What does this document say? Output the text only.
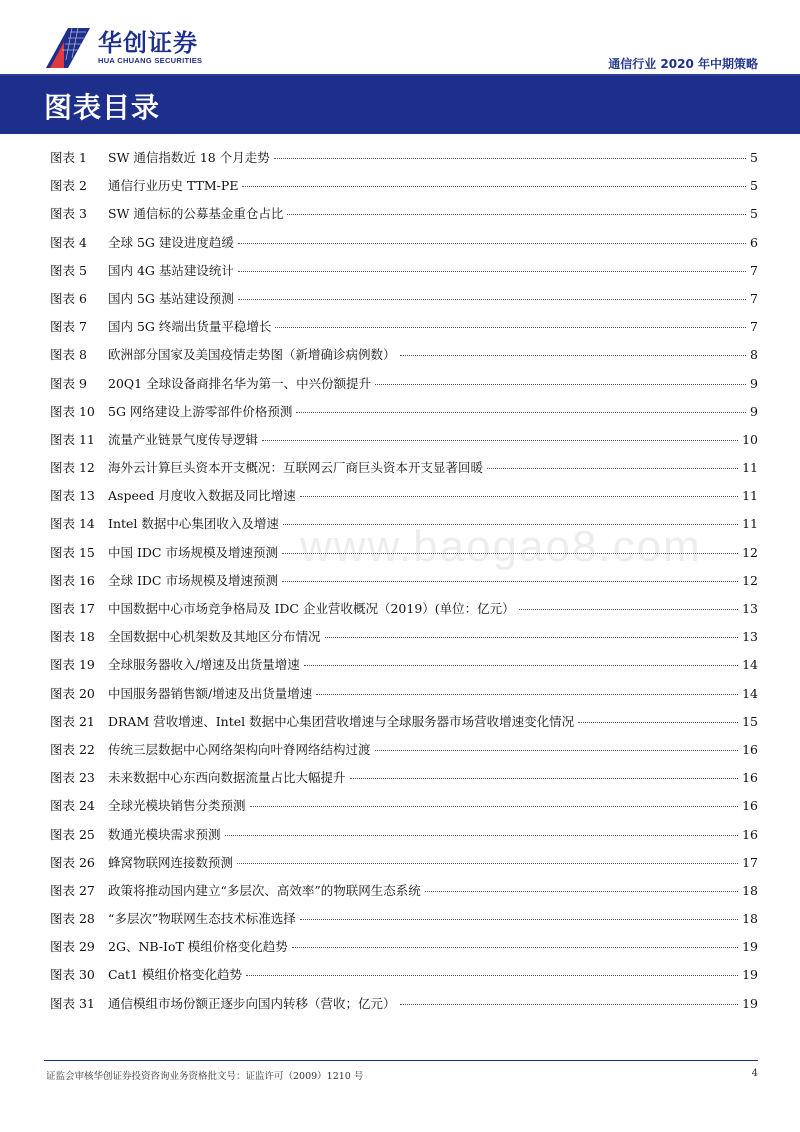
华创证券
HUA CHUANG SECURITIES	通信行业 2020 年中期策略
图表目录
www.baogao8.com
图表 1	SW 通信指数近 18 个月走势	5
图表 2	通信行业历史 TTM-PE	5
图表 3	SW 通信标的公募基金重仓占比	5
图表 4	全球 5G 建设进度趋缓	6
图表 5	国内 4G 基站建设统计	7
图表 6	国内 5G 基站建设预测	7
图表 7	国内 5G 终端出货量平稳增长	7
图表 8	欧洲部分国家及美国疫情走势图（新增确诊病例数）	8
图表 9	20Q1 全球设备商排名华为第一、中兴份额提升	9
图表 10	5G 网络建设上游零部件价格预测	9
图表 11	流量产业链景气度传导逻辑	10
图表 12	海外云计算巨头资本开支概况：互联网云厂商巨头资本开支显著回暖	11
图表 13	Aspeed 月度收入数据及同比增速	11
图表 14	Intel 数据中心集团收入及增速	11
图表 15	中国 IDC 市场规模及增速预测	12
图表 16	全球 IDC 市场规模及增速预测	12
图表 17	中国数据中心市场竞争格局及 IDC 企业营收概况（2019）(单位：亿元）	13
图表 18	全国数据中心机架数及其地区分布情况	13
图表 19	全球服务器收入/增速及出货量增速	14
图表 20	中国服务器销售额/增速及出货量增速	14
图表 21	DRAM 营收增速、Intel 数据中心集团营收增速与全球服务器市场营收增速变化情况	15
图表 22	传统三层数据中心网络架构向叶脊网络结构过渡	16
图表 23	未来数据中心东西向数据流量占比大幅提升	16
图表 24	全球光模块销售分类预测	16
图表 25	数通光模块需求预测	16
图表 26	蜂窝物联网连接数预测	17
图表 27	政策将推动国内建立“多层次、高效率”的物联网生态系统	18
图表 28	“多层次”物联网生态技术标准选择	18
图表 29	2G、NB-IoT 模组价格变化趋势	19
图表 30	Cat1 模组价格变化趋势	19
图表 31	通信模组市场份额正逐步向国内转移（营收；亿元）	19
证监会审核华创证券投资咨询业务资格批文号：证监许可（2009）1210 号	4
